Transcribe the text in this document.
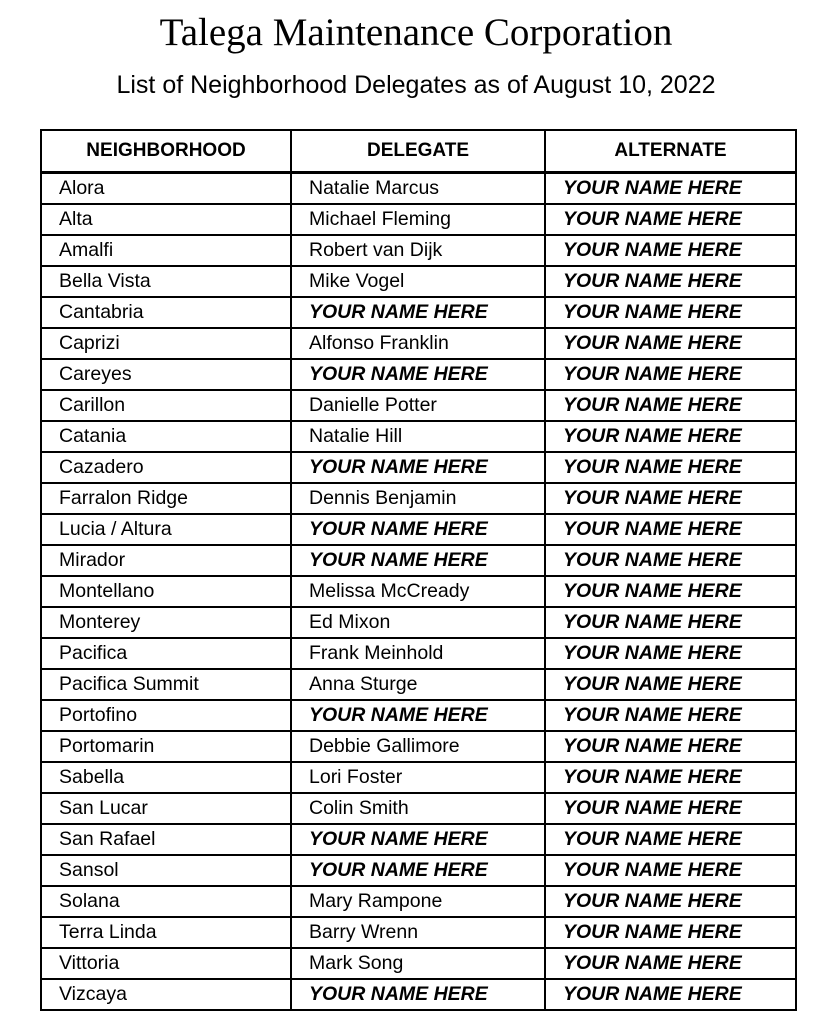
Talega Maintenance Corporation
List of Neighborhood Delegates as of August 10, 2022
NEIGHBORHOOD	DELEGATE	ALTERNATE
Alora	Natalie Marcus	YOUR NAME HERE
Alta	Michael Fleming	YOUR NAME HERE
Amalfi	Robert van Dijk	YOUR NAME HERE
Bella Vista	Mike Vogel	YOUR NAME HERE
Cantabria	YOUR NAME HERE	YOUR NAME HERE
Caprizi	Alfonso Franklin	YOUR NAME HERE
Careyes	YOUR NAME HERE	YOUR NAME HERE
Carillon	Danielle Potter	YOUR NAME HERE
Catania	Natalie Hill	YOUR NAME HERE
Cazadero	YOUR NAME HERE	YOUR NAME HERE
Farralon Ridge	Dennis Benjamin	YOUR NAME HERE
Lucia / Altura	YOUR NAME HERE	YOUR NAME HERE
Mirador	YOUR NAME HERE	YOUR NAME HERE
Montellano	Melissa McCready	YOUR NAME HERE
Monterey	Ed Mixon	YOUR NAME HERE
Pacifica	Frank Meinhold	YOUR NAME HERE
Pacifica Summit	Anna Sturge	YOUR NAME HERE
Portofino	YOUR NAME HERE	YOUR NAME HERE
Portomarin	Debbie Gallimore	YOUR NAME HERE
Sabella	Lori Foster	YOUR NAME HERE
San Lucar	Colin Smith	YOUR NAME HERE
San Rafael	YOUR NAME HERE	YOUR NAME HERE
Sansol	YOUR NAME HERE	YOUR NAME HERE
Solana	Mary Rampone	YOUR NAME HERE
Terra Linda	Barry Wrenn	YOUR NAME HERE
Vittoria	Mark Song	YOUR NAME HERE
Vizcaya	YOUR NAME HERE	YOUR NAME HERE
